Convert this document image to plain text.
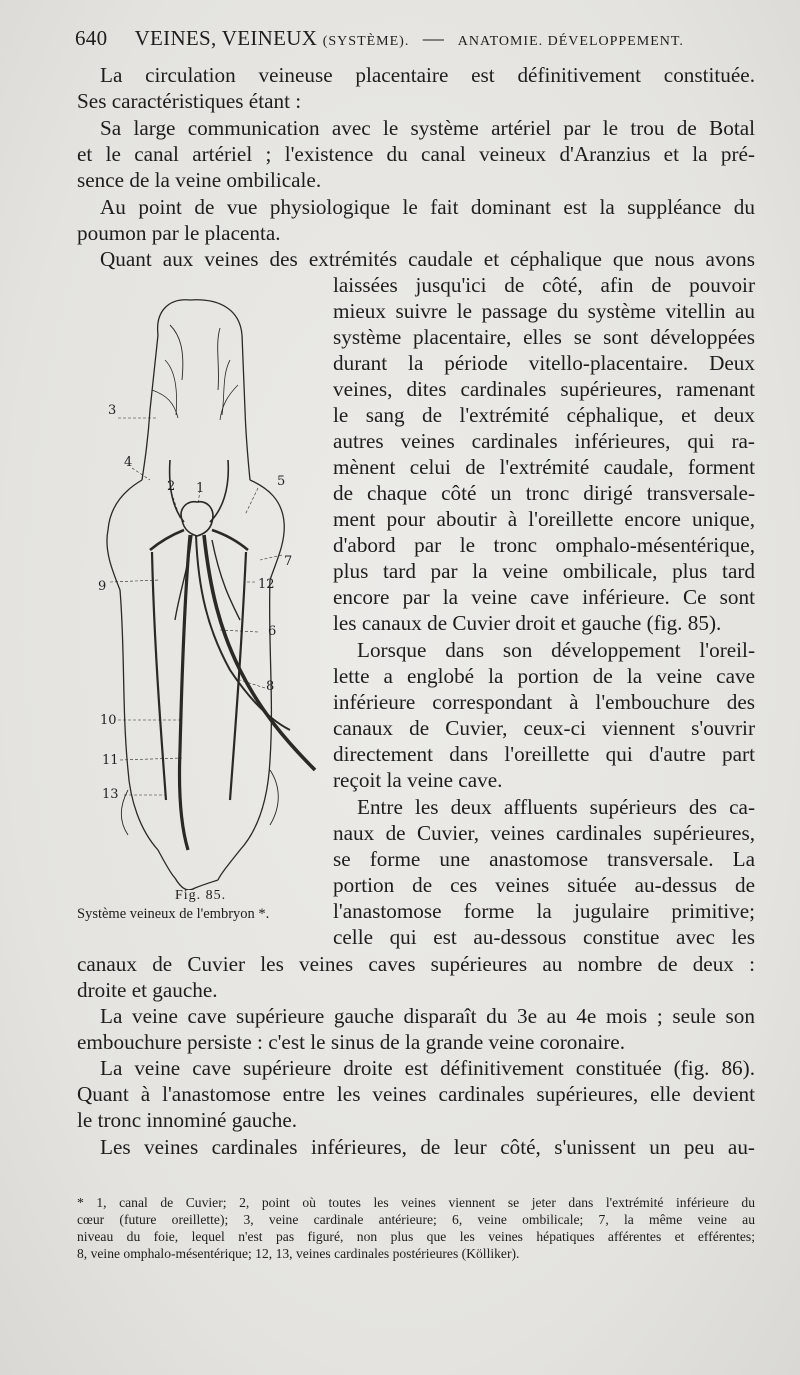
640 VEINES, VEINEUX (SYSTÈME). — ANATOMIE. DÉVELOPPEMENT.
La circulation veineuse placentaire est définitivement constituée.
Ses caractéristiques étant :
Sa large communication avec le système artériel par le trou de Botal
et le canal artériel ; l'existence du canal veineux d'Aranzius et la pré-
sence de la veine ombilicale.
Au point de vue physiologique le fait dominant est la suppléance du
poumon par le placenta.
Quant aux veines des extrémités caudale et céphalique que nous avons
laissées jusqu'ici de côté, afin de pouvoir
mieux suivre le passage du système vitellin au
système placentaire, elles se sont développées
durant la période vitello-placentaire. Deux
veines, dites cardinales supérieures, ramenant
le sang de l'extrémité céphalique, et deux
autres veines cardinales inférieures, qui ra-
mènent celui de l'extrémité caudale, forment
de chaque côté un tronc dirigé transversale-
ment pour aboutir à l'oreillette encore unique,
d'abord par le tronc omphalo-mésentérique,
plus tard par la veine ombilicale, plus tard
encore par la veine cave inférieure. Ce sont
les canaux de Cuvier droit et gauche (fig. 85).
Lorsque dans son développement l'oreil-
lette a englobé la portion de la veine cave
inférieure correspondant à l'embouchure des
canaux de Cuvier, ceux-ci viennent s'ouvrir
directement dans l'oreillette qui d'autre part
reçoit la veine cave.
Entre les deux affluents supérieurs des ca-
naux de Cuvier, veines cardinales supérieures,
se forme une anastomose transversale. La
portion de ces veines située au-dessus de
l'anastomose forme la jugulaire primitive;
celle qui est au-dessous constitue avec les
canaux de Cuvier les veines caves supérieures au nombre de deux :
droite et gauche.
La veine cave supérieure gauche disparaît du 3e au 4e mois ; seule son
embouchure persiste : c'est le sinus de la grande veine coronaire.
La veine cave supérieure droite est définitivement constituée (fig. 86).
Quant à l'anastomose entre les veines cardinales supérieures, elle devient
le tronc innominé gauche.
Les veines cardinales inférieures, de leur côté, s'unissent un peu au-
2 1
3
4
5
6
7
8
9
10
11
12
13
Fig. 85.
Système veineux de l'embryon *.
* 1, canal de Cuvier; 2, point où toutes les veines viennent se jeter dans l'extrémité inférieure du
cœur (future oreillette); 3, veine cardinale antérieure; 6, veine ombilicale; 7, la même veine au
niveau du foie, lequel n'est pas figuré, non plus que les veines hépatiques afférentes et efférentes;
8, veine omphalo-mésentérique; 12, 13, veines cardinales postérieures (Kölliker).
